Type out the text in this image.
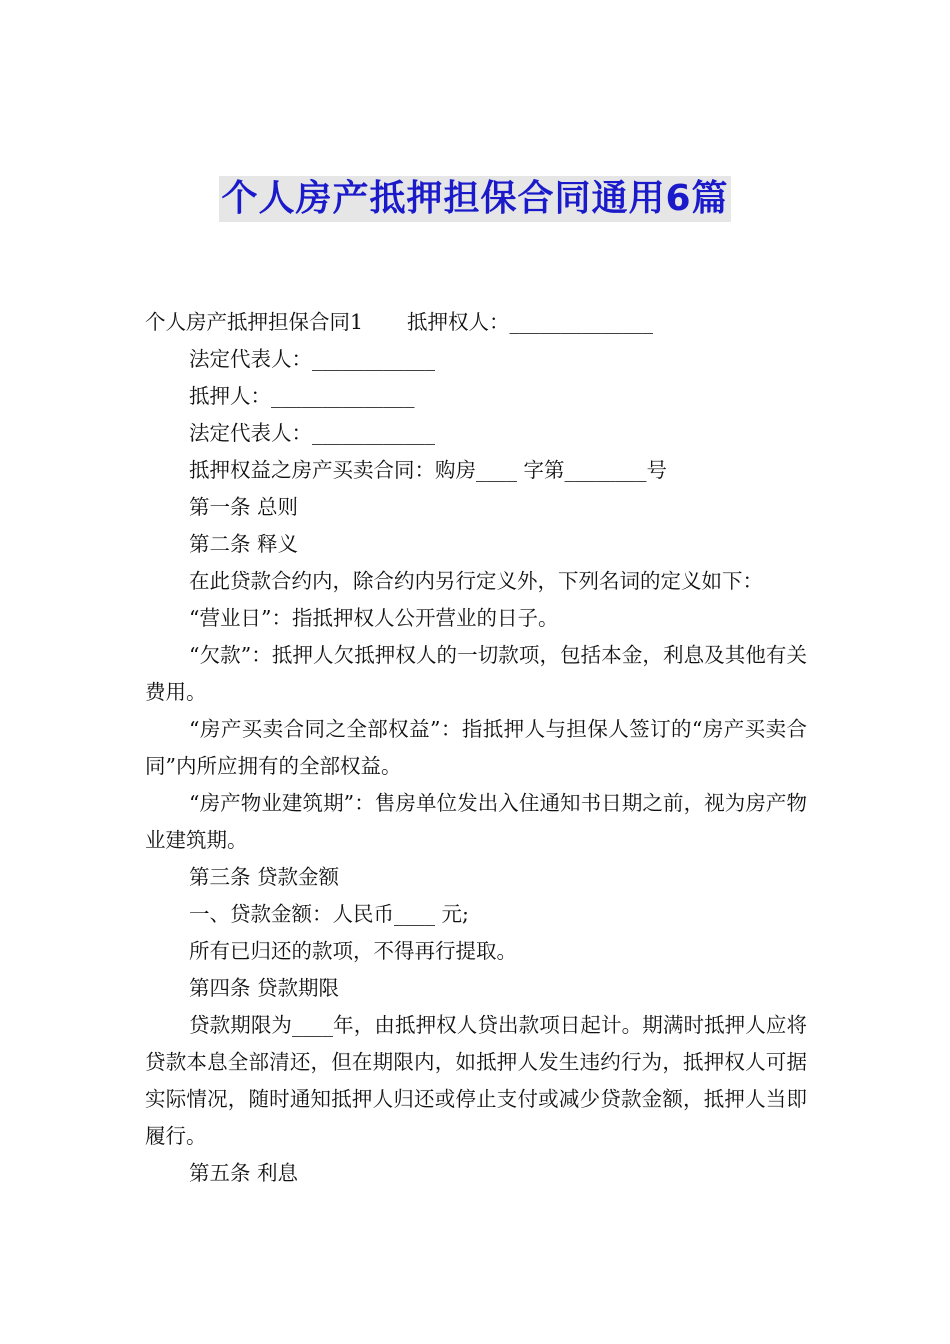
个人房产抵押担保合同通用6篇

个人房产抵押担保合同1 抵押权人：______________

法定代表人：____________

抵押人：______________

法定代表人：____________

抵押权益之房产买卖合同：购房____ 字第________号

第一条 总则

第二条 释义

在此贷款合约内，除合约内另行定义外，下列名词的定义如下：

“营业日”：指抵押权人公开营业的日子。

“欠款”：抵押人欠抵押权人的一切款项，包括本金，利息及其他有关费用。

“房产买卖合同之全部权益”：指抵押人与担保人签订的“房产买卖合同”内所应拥有的全部权益。

“房产物业建筑期”：售房单位发出入住通知书日期之前，视为房产物业建筑期。

第三条 贷款金额

一、贷款金额：人民币____ 元;

所有已归还的款项，不得再行提取。

第四条 贷款期限

贷款期限为____年，由抵押权人贷出款项日起计。期满时抵押人应将贷款本息全部清还，但在期限内，如抵押人发生违约行为，抵押权人可据实际情况，随时通知抵押人归还或停止支付或减少贷款金额，抵押人当即履行。

第五条 利息
